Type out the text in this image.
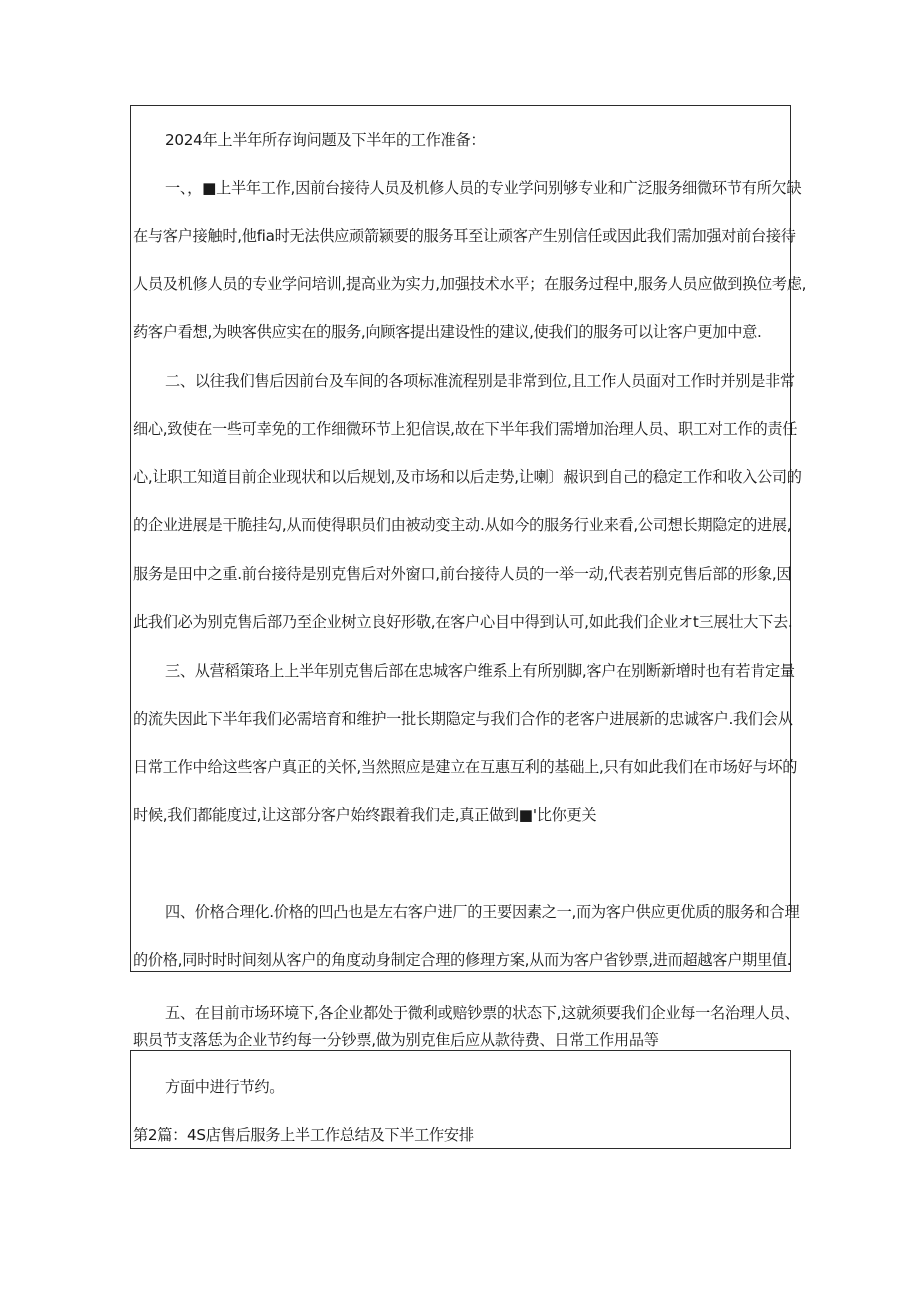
2024年上半年所存询问题及下半年的工作准备：
一、，■上半年工作,因前台接待人员及机修人员的专业学问别够专业和广泛服务细微环节有所欠缺
在与客户接触时,他fia时无法供应顽箭颍要的服务耳至让顽客产生别信任或因此我们需加强对前台接待
人员及机修人员的专业学问培训,提高业为实力,加强技术水平；在服务过程中,服务人员应做到换位考虑,
药客户看想,为映客供应实在的服务,向顾客提出建设性的建议,使我们的服务可以让客户更加中意.
二、以往我们售后因前台及车间的各项标准流程别是非常到位,且工作人员面对工作时并别是非常
细心,致使在一些可幸免的工作细微环节上犯信误,故在下半年我们需增加治理人员、职工对工作的责任
心,让职工知道目前企业现状和以后规划,及市场和以后走势,让喇〕赧识到自己的稳定工作和收入公司的
的企业进展是干脆挂勾,从而使得职员们由被动变主动.从如今的服务行业来看,公司想长期隐定的进展,
服务是田中之重.前台接待是别克售后对外窗口,前台接待人员的一举一动,代表若别克售后部的形象,因
此我们必为别克售后部乃至企业树立良好形敬,在客户心目中得到认可,如此我们企业オt三展壮大下去.
三、从营稻策珞上上半年别克售后部在忠城客户维系上有所别脚,客户在别断新增时也有若肯定量
的流失因此下半年我们必需培育和维护一批长期隐定与我们合作的老客户进展新的忠诚客户.我们会从
日常工作中给这些客户真正的关怀,当然照应是建立在互惠互利的基础上,只有如此我们在市场好与坏的
时候,我们都能度过,让这部分客户始终跟着我们走,真正做到■'比你更关
四、价格合理化.价格的凹凸也是左右客户进厂的王要因素之一,而为客户供应更优质的服务和合理
的价格,同时时时间刻从客户的角度动身制定合理的修理方案,从而为客户省钞票,进而超越客户期里值.
五、在目前市场环境下,各企业都处于微利或赔钞票的状态下,这就须要我们企业每一名治理人员、
职员节支落恁为企业节约每一分钞票,做为别克隹后应从款待费、日常工作用品等
方面中进行节约。
第2篇：4S店售后服务上半工作总结及下半工作安排
